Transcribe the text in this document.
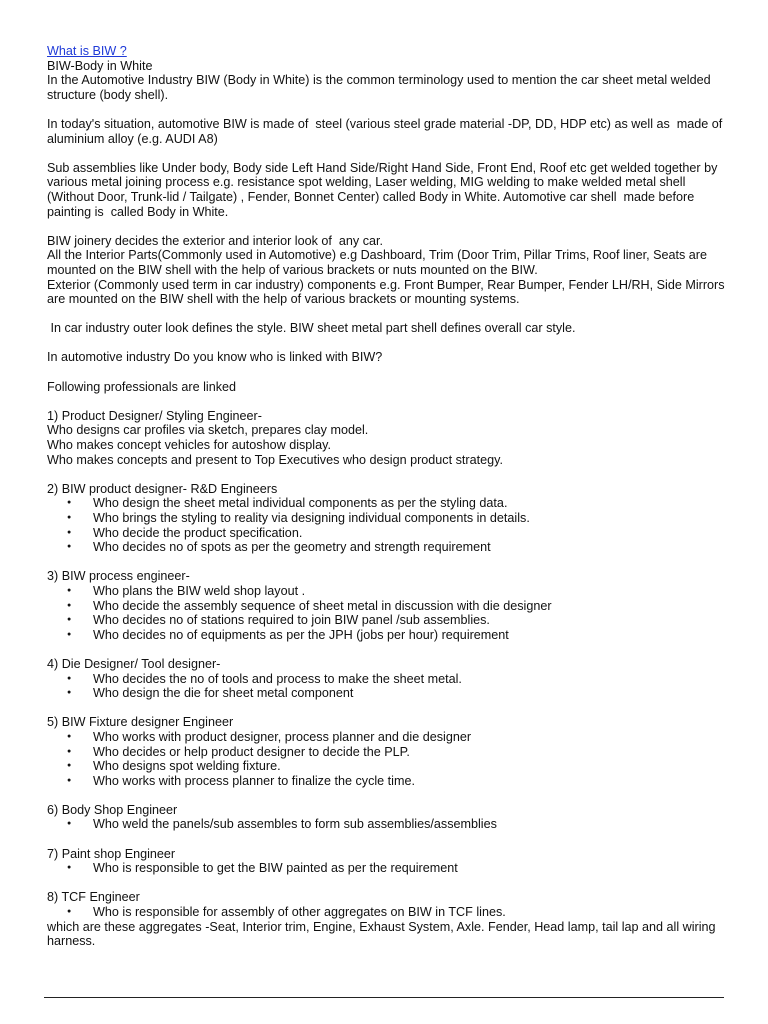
What is BIW ?
BIW-Body in White
In the Automotive Industry BIW (Body in White) is the common terminology used to mention the car sheet metal welded structure (body shell).
In today's situation, automotive BIW is made of  steel (various steel grade material -DP, DD, HDP etc) as well as  made of aluminium alloy (e.g. AUDI A8)
Sub assemblies like Under body, Body side Left Hand Side/Right Hand Side, Front End, Roof etc get welded together by various metal joining process e.g. resistance spot welding, Laser welding, MIG welding to make welded metal shell (Without Door, Trunk-lid / Tailgate) , Fender, Bonnet Center) called Body in White. Automotive car shell  made before painting is  called Body in White.
BIW joinery decides the exterior and interior look of  any car.
All the Interior Parts(Commonly used in Automotive) e.g Dashboard, Trim (Door Trim, Pillar Trims, Roof liner, Seats are mounted on the BIW shell with the help of various brackets or nuts mounted on the BIW.
Exterior (Commonly used term in car industry) components e.g. Front Bumper, Rear Bumper, Fender LH/RH, Side Mirrors are mounted on the BIW shell with the help of various brackets or mounting systems.
In car industry outer look defines the style. BIW sheet metal part shell defines overall car style.
In automotive industry Do you know who is linked with BIW?
Following professionals are linked
1) Product Designer/ Styling Engineer-
Who designs car profiles via sketch, prepares clay model.
Who makes concept vehicles for autoshow display.
Who makes concepts and present to Top Executives who design product strategy.
2) BIW product designer- R&D Engineers
● Who design the sheet metal individual components as per the styling data.
● Who brings the styling to reality via designing individual components in details.
● Who decide the product specification.
● Who decides no of spots as per the geometry and strength requirement
3) BIW process engineer-
● Who plans the BIW weld shop layout .
● Who decide the assembly sequence of sheet metal in discussion with die designer
● Who decides no of stations required to join BIW panel /sub assemblies.
● Who decides no of equipments as per the JPH (jobs per hour) requirement
4) Die Designer/ Tool designer-
● Who decides the no of tools and process to make the sheet metal.
● Who design the die for sheet metal component
5) BIW Fixture designer Engineer
● Who works with product designer, process planner and die designer
● Who decides or help product designer to decide the PLP.
● Who designs spot welding fixture.
● Who works with process planner to finalize the cycle time.
6) Body Shop Engineer
● Who weld the panels/sub assembles to form sub assemblies/assemblies
7) Paint shop Engineer
● Who is responsible to get the BIW painted as per the requirement
8) TCF Engineer
● Who is responsible for assembly of other aggregates on BIW in TCF lines.
which are these aggregates -Seat, Interior trim, Engine, Exhaust System, Axle. Fender, Head lamp, tail lap and all wiring harness.
